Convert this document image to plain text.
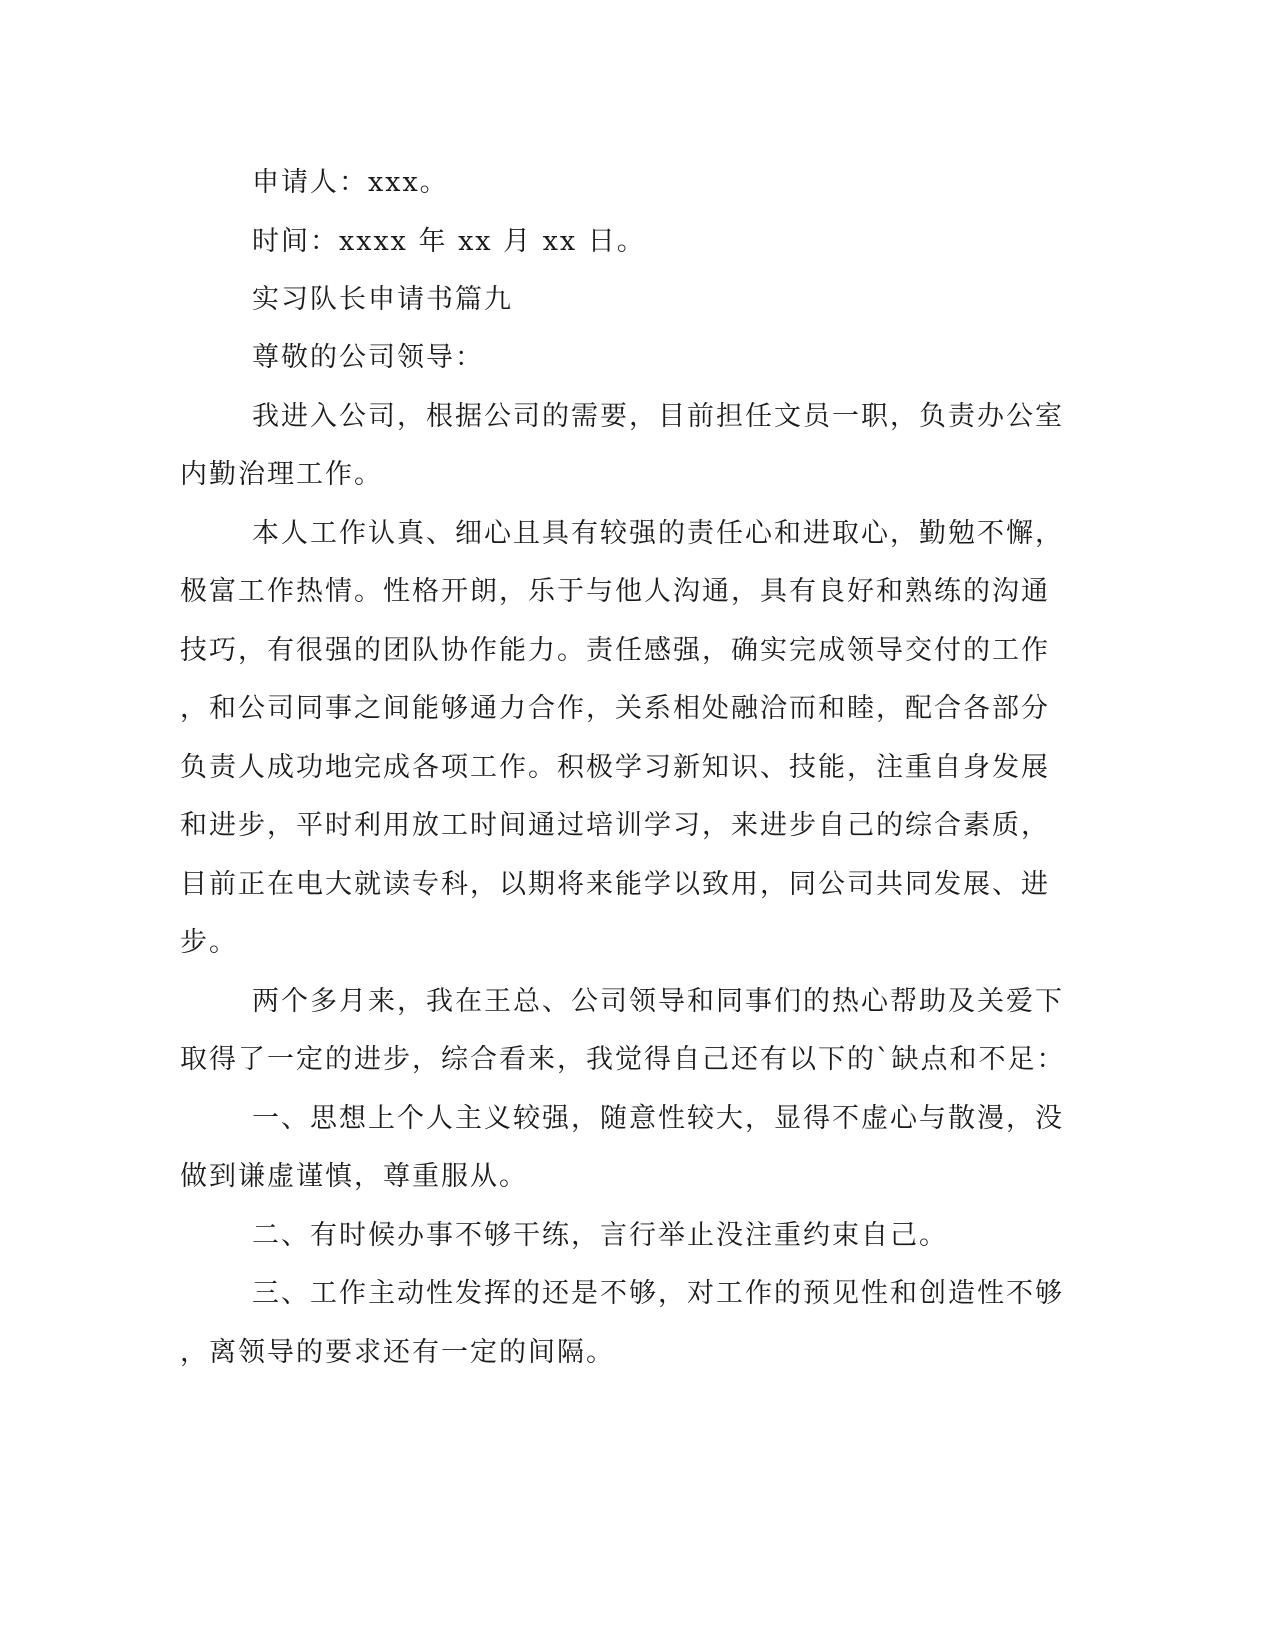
申请人：xxx。
时间：xxxx 年 xx 月 xx 日。
实习队长申请书篇九
尊敬的公司领导：
我进入公司，根据公司的需要，目前担任文员一职，负责办公室
内勤治理工作。
本人工作认真、细心且具有较强的责任心和进取心，勤勉不懈，
极富工作热情。性格开朗，乐于与他人沟通，具有良好和熟练的沟通
技巧，有很强的团队协作能力。责任感强，确实完成领导交付的工作
，和公司同事之间能够通力合作，关系相处融洽而和睦，配合各部分
负责人成功地完成各项工作。积极学习新知识、技能，注重自身发展
和进步，平时利用放工时间通过培训学习，来进步自己的综合素质，
目前正在电大就读专科，以期将来能学以致用，同公司共同发展、进
步。
两个多月来，我在王总、公司领导和同事们的热心帮助及关爱下
取得了一定的进步，综合看来，我觉得自己还有以下的`缺点和不足：
一、思想上个人主义较强，随意性较大，显得不虚心与散漫，没
做到谦虚谨慎，尊重服从。
二、有时候办事不够干练，言行举止没注重约束自己。
三、工作主动性发挥的还是不够，对工作的预见性和创造性不够
，离领导的要求还有一定的间隔。
